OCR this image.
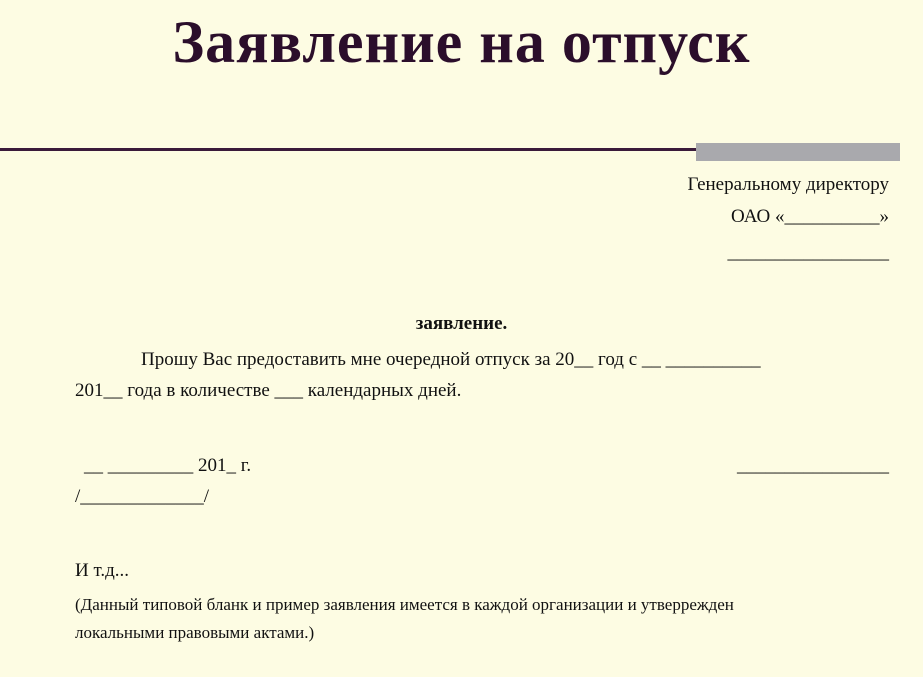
Заявление на отпуск
Генеральному директору
ОАО «__________»
_________________
заявление.
Прошу Вас предоставить мне очередной отпуск за 20__ год с __ __________
201__ года в количестве ___ календарных дней.
__ _________ 201_ г.	________________
/_____________/
И т.д...
(Данный типовой бланк и пример заявления имеется в каждой организации и утверрежден
локальными правовыми актами.)
